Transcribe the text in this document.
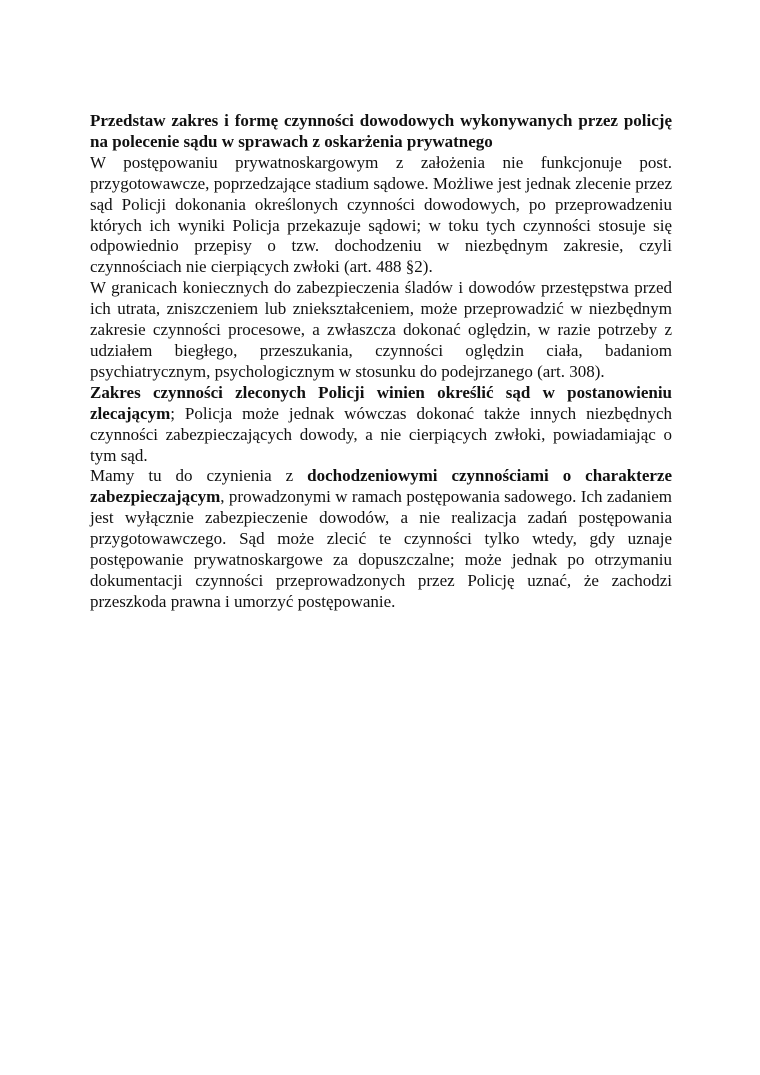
Przedstaw zakres i formę czynności dowodowych wykonywanych przez policję na polecenie sądu w sprawach z oskarżenia prywatnego

W postępowaniu prywatnoskargowym z założenia nie funkcjonuje post. przygotowawcze, poprzedzające stadium sądowe. Możliwe jest jednak zlecenie przez sąd Policji dokonania określonych czynności dowodowych, po przeprowadzeniu których ich wyniki Policja przekazuje sądowi; w toku tych czynności stosuje się odpowiednio przepisy o tzw. dochodzeniu w niezbędnym zakresie, czyli czynnościach nie cierpiących zwłoki (art. 488 §2).

W granicach koniecznych do zabezpieczenia śladów i dowodów przestępstwa przed ich utrata, zniszczeniem lub zniekształceniem, może przeprowadzić w niezbędnym zakresie czynności procesowe, a zwłaszcza dokonać oględzin, w razie potrzeby z udziałem biegłego, przeszukania, czynności oględzin ciała, badaniom psychiatrycznym, psychologicznym w stosunku do podejrzanego (art. 308).

Zakres czynności zleconych Policji winien określić sąd w postanowieniu zlecającym; Policja może jednak wówczas dokonać także innych niezbędnych czynności zabezpieczających dowody, a nie cierpiących zwłoki, powiadamiając o tym sąd.

Mamy tu do czynienia z dochodzeniowymi czynnościami o charakterze zabezpieczającym, prowadzonymi w ramach postępowania sadowego. Ich zadaniem jest wyłącznie zabezpieczenie dowodów, a nie realizacja zadań postępowania przygotowawczego. Sąd może zlecić te czynności tylko wtedy, gdy uznaje postępowanie prywatnoskargowe za dopuszczalne; może jednak po otrzymaniu dokumentacji czynności przeprowadzonych przez Policję uznać, że zachodzi przeszkoda prawna i umorzyć postępowanie.
